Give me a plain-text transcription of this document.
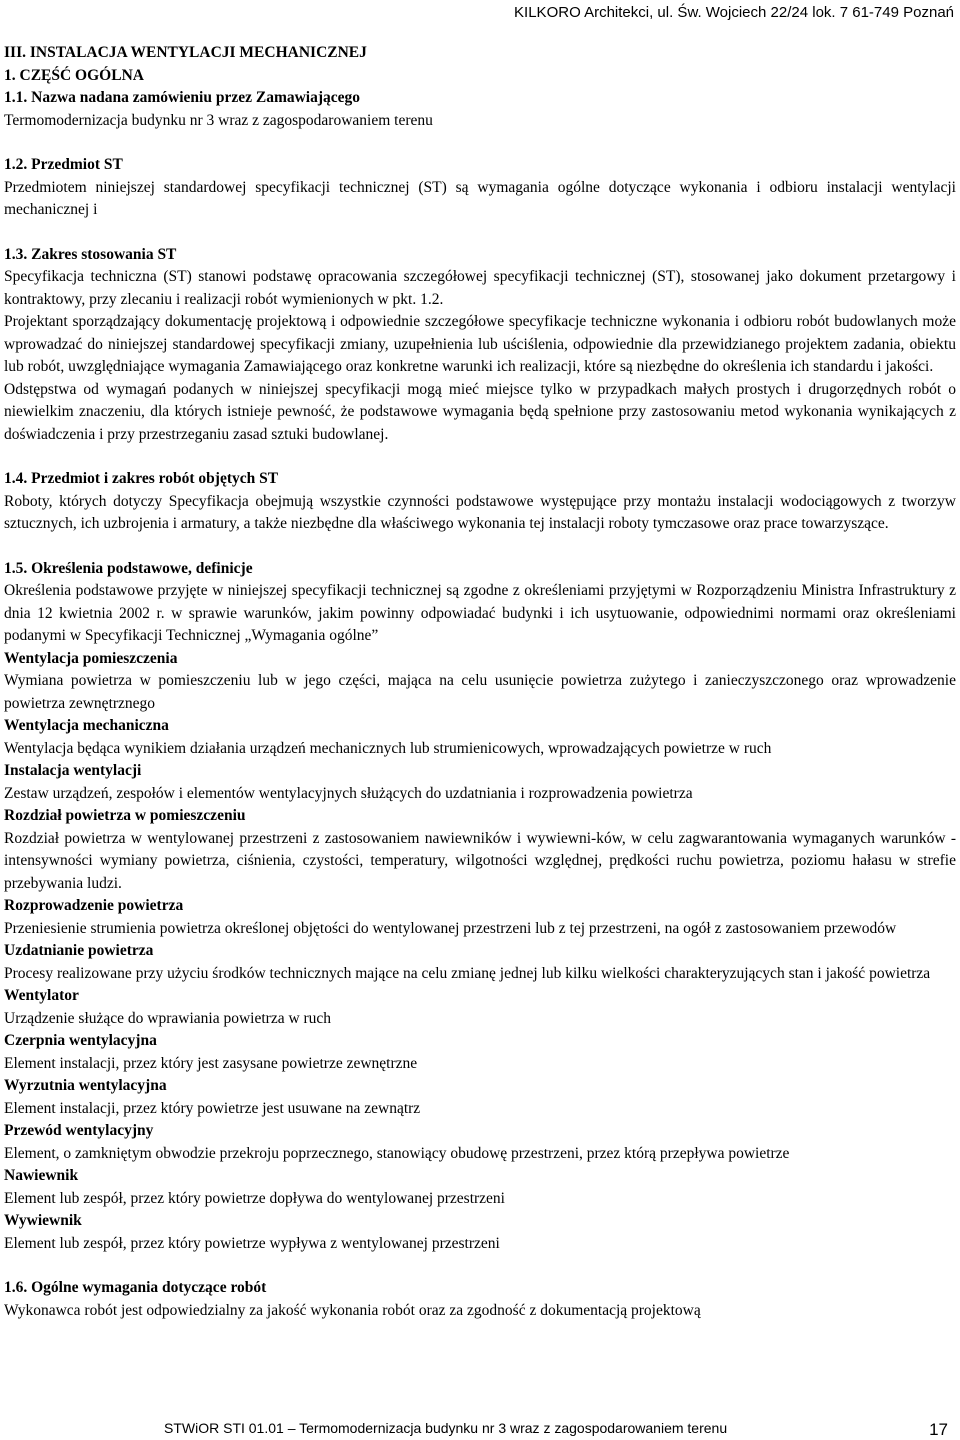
KILKORO Architekci, ul. Św. Wojciech 22/24 lok. 7 61-749 Poznań
III. INSTALACJA WENTYLACJI MECHANICZNEJ
1. CZĘŚĆ OGÓLNA
1.1. Nazwa nadana zamówieniu przez Zamawiającego

Termomodernizacja budynku nr 3 wraz z zagospodarowaniem terenu

1.2. Przedmiot ST

Przedmiotem niniejszej standardowej specyfikacji technicznej (ST) są wymagania ogólne dotyczące wykonania i odbioru instalacji wentylacji mechanicznej i

1.3. Zakres stosowania ST

Specyfikacja techniczna (ST) stanowi podstawę opracowania szczegółowej specyfikacji technicznej (ST), stosowanej jako dokument przetargowy i kontraktowy, przy zlecaniu i realizacji robót wymienionych w pkt. 1.2.

Projektant sporządzający dokumentację projektową i odpowiednie szczegółowe specyfikacje techniczne wykonania i odbioru robót budowlanych może wprowadzać do niniejszej standardowej specyfikacji zmiany, uzupełnienia lub uściślenia, odpowiednie dla przewidzianego projektem zadania, obiektu lub robót, uwzględniające wymagania Zamawiającego oraz konkretne warunki ich realizacji, które są niezbędne do określenia ich standardu i jakości.

Odstępstwa od wymagań podanych w niniejszej specyfikacji mogą mieć miejsce tylko w przypadkach małych prostych i drugorzędnych robót o niewielkim znaczeniu, dla których istnieje pewność, że podstawowe wymagania będą spełnione przy zastosowaniu metod wykonania wynikających z doświadczenia i przy przestrzeganiu zasad sztuki budowlanej.

1.4. Przedmiot i zakres robót objętych ST

Roboty, których dotyczy Specyfikacja obejmują wszystkie czynności podstawowe występujące przy montażu instalacji wodociągowych z tworzyw sztucznych, ich uzbrojenia i armatury, a także niezbędne dla właściwego wykonania tej instalacji roboty tymczasowe oraz prace towarzyszące.

1.5. Określenia podstawowe, definicje

Określenia podstawowe przyjęte w niniejszej specyfikacji technicznej są zgodne z określeniami przyjętymi w Rozporządzeniu Ministra Infrastruktury z dnia 12 kwietnia 2002 r. w sprawie warunków, jakim powinny odpowiadać budynki i ich usytuowanie, odpowiednimi normami oraz określeniami podanymi w Specyfikacji Technicznej „Wymagania ogólne”

Wentylacja pomieszczenia

Wymiana powietrza w pomieszczeniu lub w jego części, mająca na celu usunięcie powietrza zużytego i zanieczyszczonego oraz wprowadzenie powietrza zewnętrznego

Wentylacja mechaniczna

Wentylacja będąca wynikiem działania urządzeń mechanicznych lub strumienicowych, wprowadzających powietrze w ruch

Instalacja wentylacji

Zestaw urządzeń, zespołów i elementów wentylacyjnych służących do uzdatniania i rozprowadzenia powietrza

Rozdział powietrza w pomieszczeniu

Rozdział powietrza w wentylowanej przestrzeni z zastosowaniem nawiewników i wywiewni-ków, w celu zagwarantowania wymaganych warunków - intensywności wymiany powietrza, ciśnienia, czystości, temperatury, wilgotności względnej, prędkości ruchu powietrza, poziomu hałasu w strefie przebywania ludzi.

Rozprowadzenie powietrza

Przeniesienie strumienia powietrza określonej objętości do wentylowanej przestrzeni lub z tej przestrzeni, na ogół z zastosowaniem przewodów

Uzdatnianie powietrza

Procesy realizowane przy użyciu środków technicznych mające na celu zmianę jednej lub kilku wielkości charakteryzujących stan i jakość powietrza

Wentylator

Urządzenie służące do wprawiania powietrza w ruch

Czerpnia wentylacyjna

Element instalacji, przez który jest zasysane powietrze zewnętrzne

Wyrzutnia wentylacyjna

Element instalacji, przez który powietrze jest usuwane na zewnątrz

Przewód wentylacyjny

Element, o zamkniętym obwodzie przekroju poprzecznego, stanowiący obudowę przestrzeni, przez którą przepływa powietrze

Nawiewnik

Element lub zespół, przez który powietrze dopływa do wentylowanej przestrzeni

Wywiewnik

Element lub zespół, przez który powietrze wypływa z wentylowanej przestrzeni

1.6. Ogólne wymagania dotyczące robót

Wykonawca robót jest odpowiedzialny za jakość wykonania robót oraz za zgodność z dokumentacją projektową

STWiOR STI 01.01 – Termomodernizacja budynku nr 3 wraz z zagospodarowaniem terenu	17
